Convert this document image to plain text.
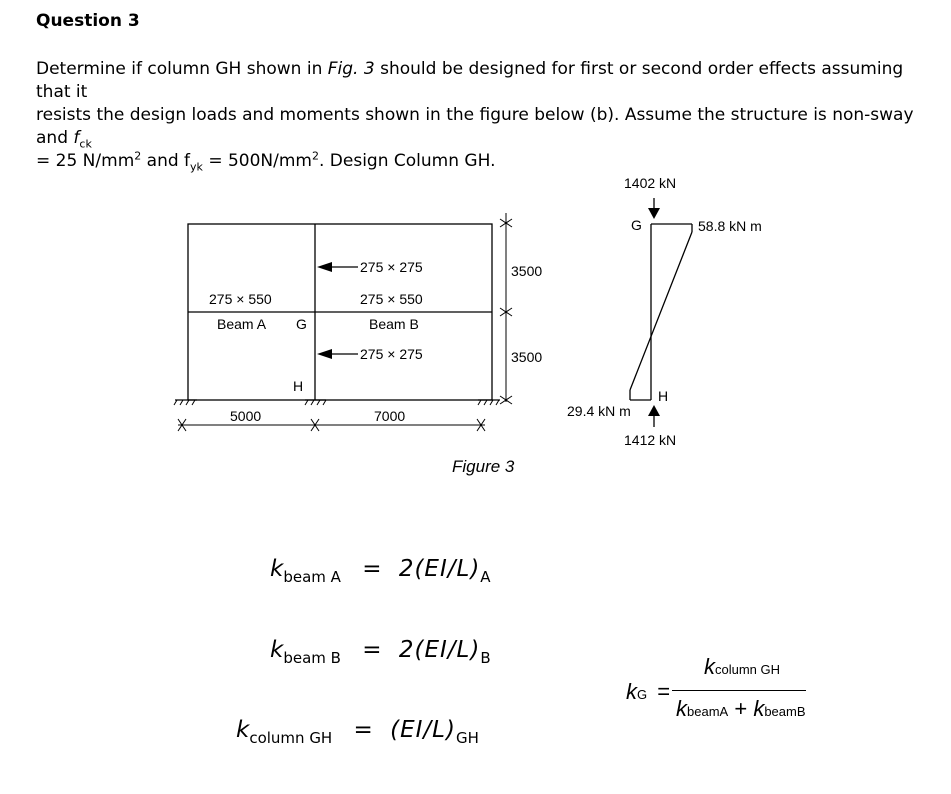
Question 3
Determine if column GH shown in Fig. 3 should be designed for first or second order effects assuming that it
resists the design loads and moments shown in the figure below (b). Assume the structure is non-sway and $f_{ck}$
= 25 $N/mm^2$ and $f_{yk} = 500N/mm^2$. Design Column GH.
275 × 550
Beam A G
H
275 × 275
275 × 550
Beam B
275 × 275
3500
3500
5000	7000
Figure 3
1402 kN
G	58.8 kN m
H
29.4 kN m
1412 kN
$k_{beam A} = 2(EI/L)_A$
$k_{beam B} = 2(EI/L)_B$
$k_{column GH} = (EI/L)_{GH}$
kG =
kcolumn GH
kbeamA + kbeamB
